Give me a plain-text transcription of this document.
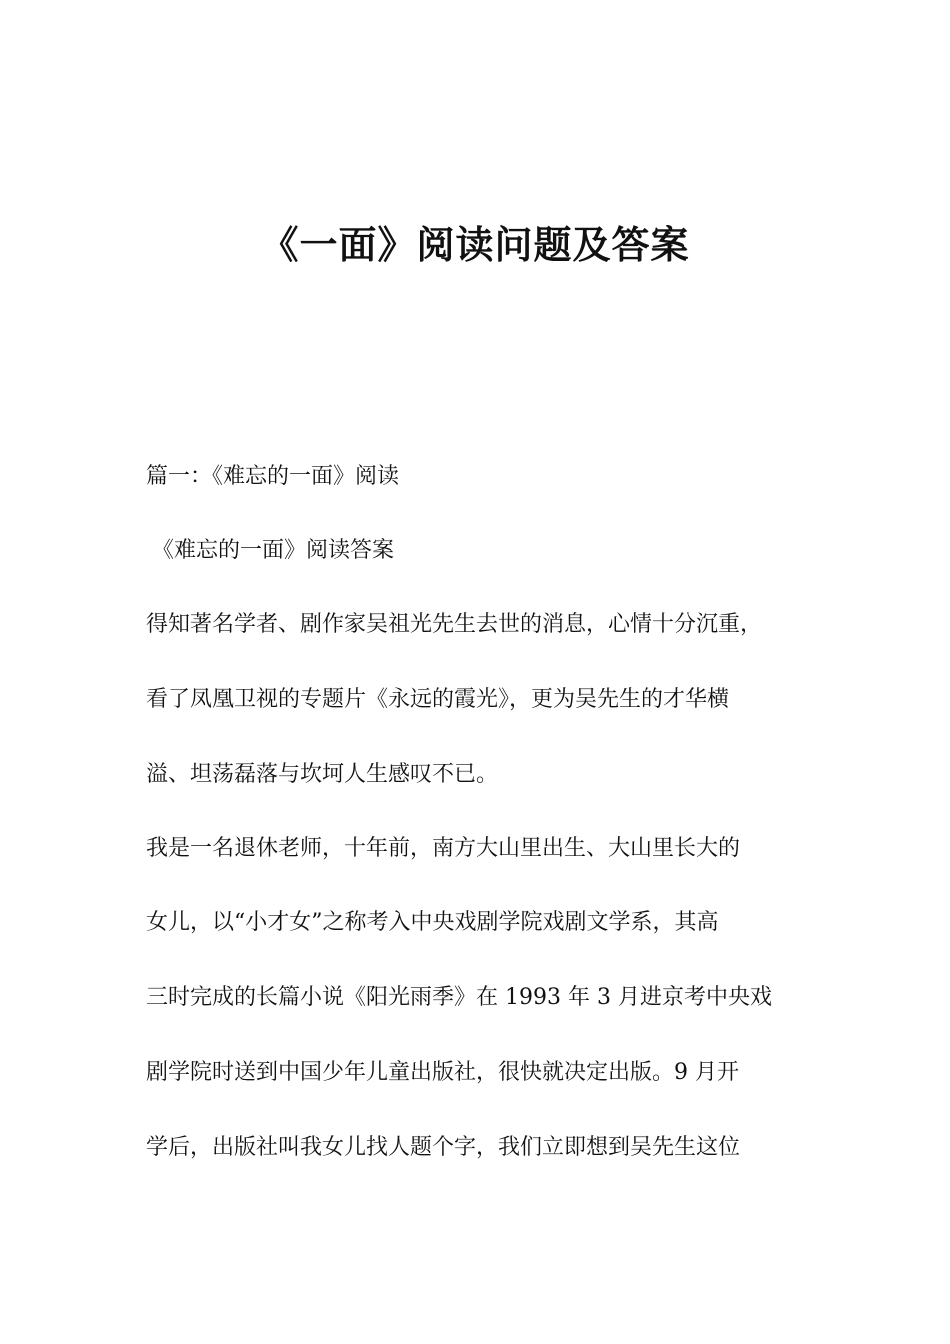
《一面》阅读问题及答案

篇一：《难忘的一面》阅读

《难忘的一面》阅读答案

得知著名学者、剧作家吴祖光先生去世的消息，心情十分沉重，

看了凤凰卫视的专题片《永远的霞光》，更为吴先生的才华横

溢、坦荡磊落与坎坷人生感叹不已。

我是一名退休老师，十年前，南方大山里出生、大山里长大的

女儿，以“小才女”之称考入中央戏剧学院戏剧文学系，其高

三时完成的长篇小说《阳光雨季》在 1993 年 3 月进京考中央戏

剧学院时送到中国少年儿童出版社，很快就决定出版。9 月开

学后，出版社叫我女儿找人题个字，我们立即想到吴先生这位
